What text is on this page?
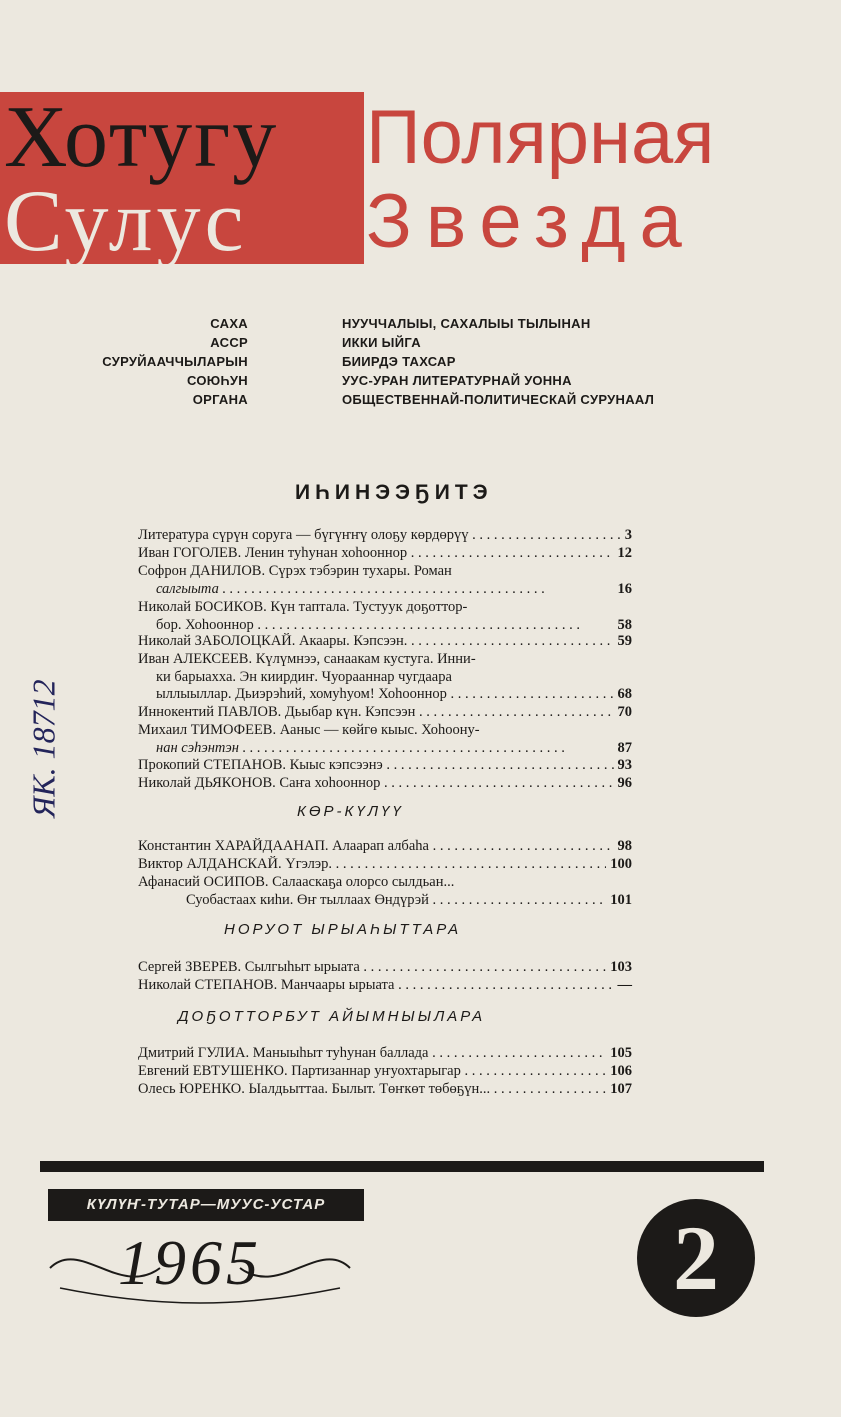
Хотугу
Сулус
Полярная
Звезда
САХА
АССР
СУРУЙААЧЧЫЛАРЫН
СОЮҺУН
ОРГАНА
НУУЧЧАЛЫЫ, САХАЛЫЫ ТЫЛЫНАН
ИККИ ЫЙГА
БИИРДЭ ТАХСАР
УУС-УРАН ЛИТЕРАТУРНАЙ УОННА
ОБЩЕСТВЕННАЙ-ПОЛИТИЧЕСКАЙ СУРУНААЛ
ИҺИНЭЭҔИТЭ
Литература сүрүн соруга — бүгүҥҥү олоҕу көрдөрүү . . .	3
Иван ГОГОЛЕВ. Ленин туһунан хоһооннор . . .	12
Софрон ДАНИЛОВ. Сүрэх тэбэрин тухары. Роман
салгыыта . . .	16
Николай БОСИКОВ. Күн таптала. Тустуук доҕоттор-
бор. Хоһооннор . . .	58
Николай ЗАБОЛОЦКАЙ. Акаары. Кэпсээн. . . .	59
Иван АЛЕКСЕЕВ. Күлүмнээ, санаакам кустуга. Инни-
ки барыахха. Эн киирдиҥ. Чуорааннар чугдаара
ыллыыллар. Дьиэрэһий, хомуһуом! Хоһооннор . . .	68
Иннокентий ПАВЛОВ. Дьыбар күн. Кэпсээн . . .	70
Михаил ТИМОФЕЕВ. Ааныс — көйгө кыыс. Хоһоону-
нан сэһэнтэн . . .	87
Прокопий СТЕПАНОВ. Кыыс кэпсээнэ . . .	93
Николай ДЬЯКОНОВ. Саҥа хоһооннор . . .	96
КӨР-КҮЛҮҮ
Константин ХАРАЙДААНАП. Алаарап албаһа . . .	98
Виктор АЛДАНСКАЙ. Үгэлэр. . . .	100
Афанасий ОСИПОВ. Салааскаҕа олорсо сылдьан...
Суобастаах киһи. Өҥ тыллаах Өндүрэй . . .	101
НОРУОТ ЫРЫАҺЫТТАРА
Сергей ЗВЕРЕВ. Сылгыһыт ырыата . . .	103
Николай СТЕПАНОВ. Манчаары ырыата . . .	—
ДОҔОТТОРБУТ АЙЫМНЫЫЛАРА
Дмитрий ГУЛИА. Маныыһыт туһунан баллада . . .	105
Евгений ЕВТУШЕНКО. Партизаннар уҥуохтарыгар . . .	106
Олесь ЮРЕНКО. Ыалдьыттаа. Былыт. Төҥкөт төбөҕүн... . . .	107
КҮЛҮҤ-ТУТАР—МУУС-УСТАР
1965	2
ЯК. 18712
